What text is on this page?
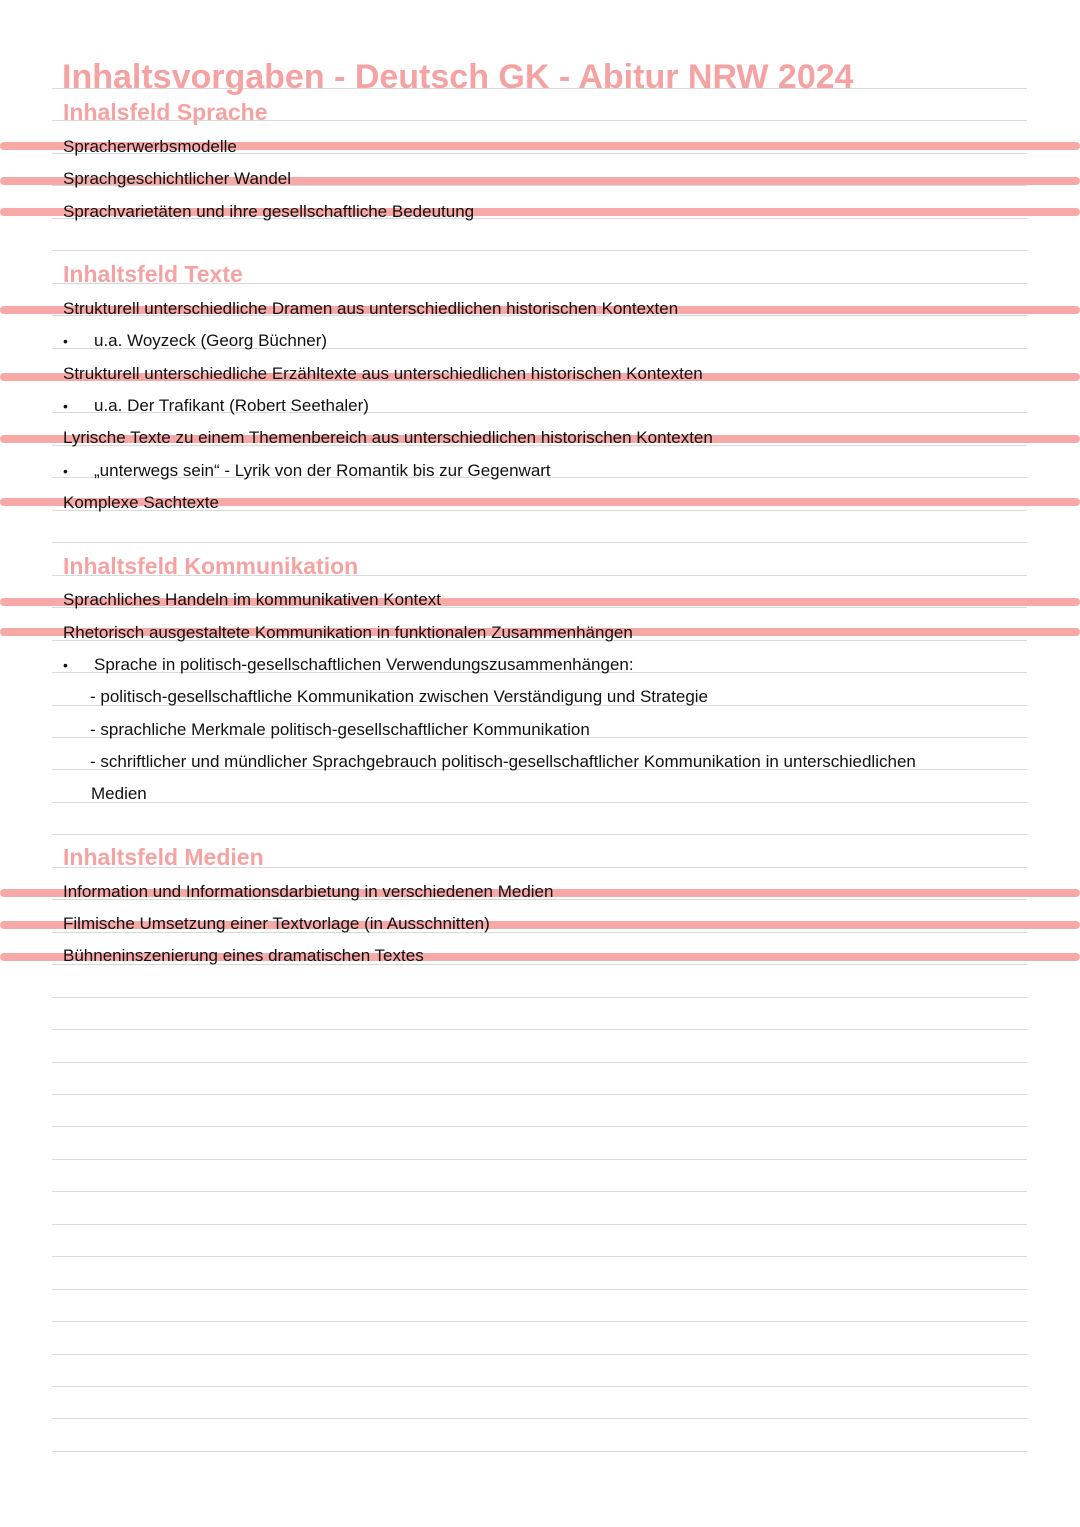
Inhaltsvorgaben - Deutsch GK - Abitur NRW 2024
Inhalsfeld Sprache
Spracherwerbsmodelle
Sprachgeschichtlicher Wandel
Sprachvarietäten und ihre gesellschaftliche Bedeutung
Inhaltsfeld Texte
Strukturell unterschiedliche Dramen aus unterschiedlichen historischen Kontexten
• u.a. Woyzeck (Georg Büchner)
Strukturell unterschiedliche Erzähltexte aus unterschiedlichen historischen Kontexten
• u.a. Der Trafikant (Robert Seethaler)
Lyrische Texte zu einem Themenbereich aus unterschiedlichen historischen Kontexten
• „unterwegs sein“ - Lyrik von der Romantik bis zur Gegenwart
Komplexe Sachtexte
Inhaltsfeld Kommunikation
Sprachliches Handeln im kommunikativen Kontext
Rhetorisch ausgestaltete Kommunikation in funktionalen Zusammenhängen
• Sprache in politisch-gesellschaftlichen Verwendungszusammenhängen:
- politisch-gesellschaftliche Kommunikation zwischen Verständigung und Strategie
- sprachliche Merkmale politisch-gesellschaftlicher Kommunikation
- schriftlicher und mündlicher Sprachgebrauch politisch-gesellschaftlicher Kommunikation in unterschiedlichen
Medien
Inhaltsfeld Medien
Information und Informationsdarbietung in verschiedenen Medien
Filmische Umsetzung einer Textvorlage (in Ausschnitten)
Bühneninszenierung eines dramatischen Textes
